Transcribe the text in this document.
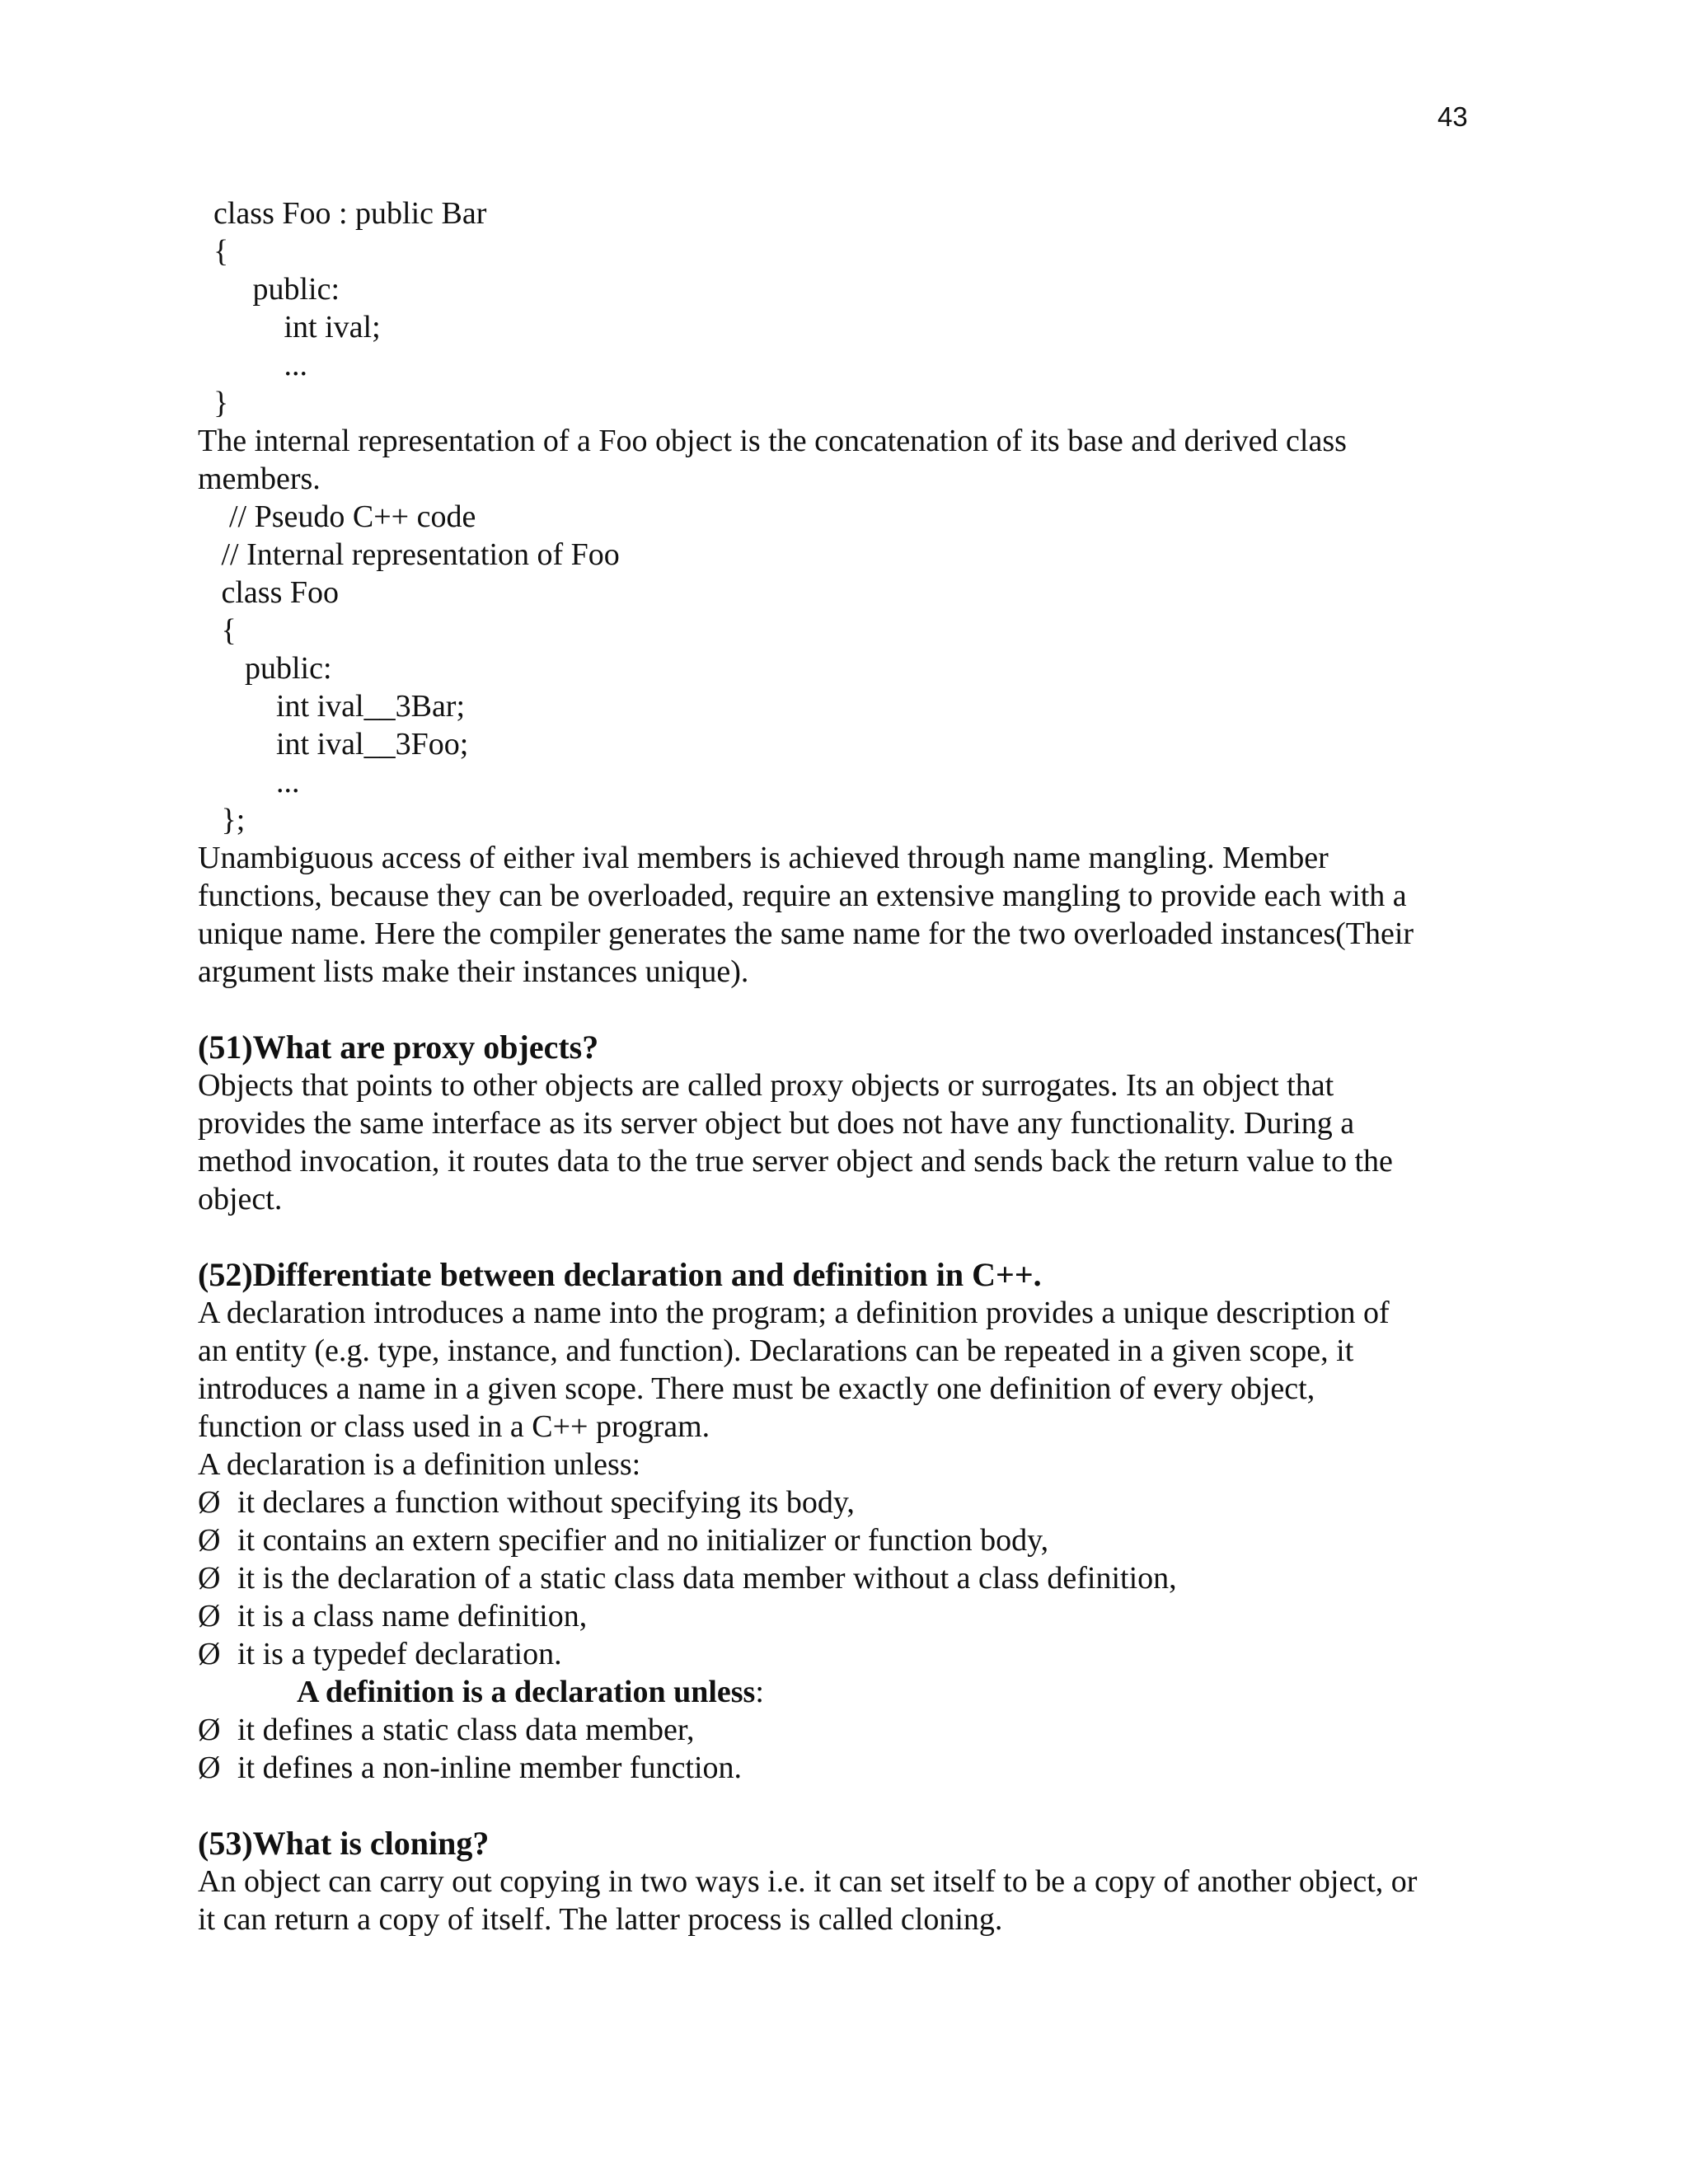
43
class Foo : public Bar
{
public:
int ival;
...
}

The internal representation of a Foo object is the concatenation of its base and derived class
members.

// Pseudo C++ code
// Internal representation of Foo
class Foo
{
public:
int ival__3Bar;
int ival__3Foo;
...
};

Unambiguous access of either ival members is achieved through name mangling. Member
functions, because they can be overloaded, require an extensive mangling to provide each with a
unique name. Here the compiler generates the same name for the two overloaded instances(Their
argument lists make their instances unique).

(51)What are proxy objects?

Objects that points to other objects are called proxy objects or surrogates. Its an object that
provides the same interface as its server object but does not have any functionality. During a
method invocation, it routes data to the true server object and sends back the return value to the
object.

(52)Differentiate between declaration and definition in C++.

A declaration introduces a name into the program; a definition provides a unique description of
an entity (e.g. type, instance, and function). Declarations can be repeated in a given scope, it
introduces a name in a given scope. There must be exactly one definition of every object,
function or class used in a C++ program.
A declaration is a definition unless:

Ø it declares a function without specifying its body,
Ø it contains an extern specifier and no initializer or function body,
Ø it is the declaration of a static class data member without a class definition,
Ø it is a class name definition,
Ø it is a typedef declaration.
A definition is a declaration unless:
Ø it defines a static class data member,
Ø it defines a non-inline member function.
(53)What is cloning?

An object can carry out copying in two ways i.e. it can set itself to be a copy of another object, or
it can return a copy of itself. The latter process is called cloning.
